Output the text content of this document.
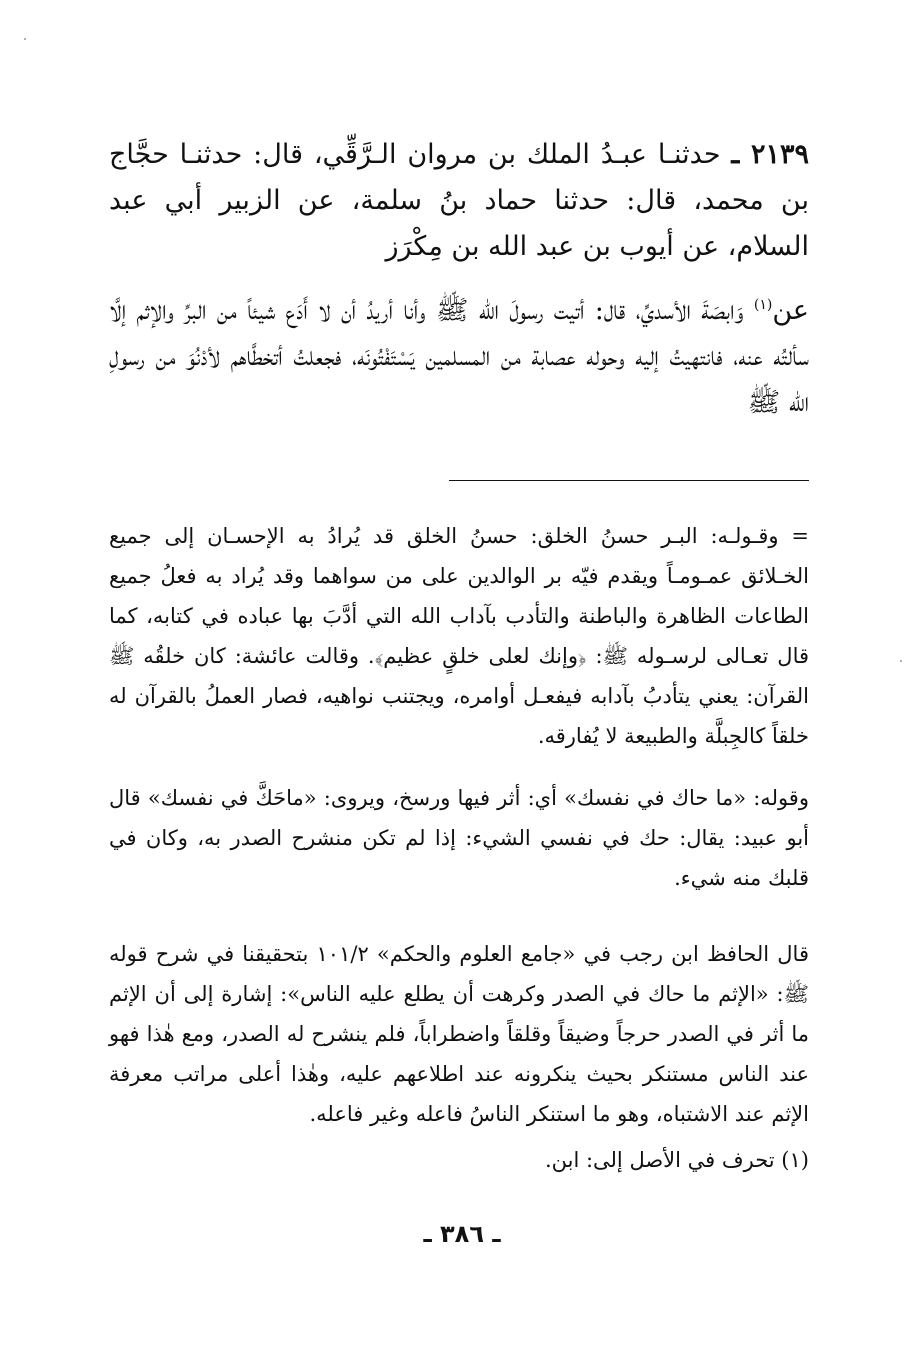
٢١٣٩ ـ حدثنـا عبـدُ الملك بن مروان الـرَّقِّي، قال: حدثنـا حجَّاج بن محمد، قال: حدثنا حماد بنُ سلمة، عن الزبير أبي عبد السلام، عن أيوب بن عبد الله بن مِكْرَز

عن$^{(١)}$ وَابصَةَ الأسديِّ، قال: أتيت رسولَ الله ﷺ وأنا أريدُ أن لا أَدَع شيئاً من البرِّ والإثم إلَّا سألتُه عنه، فانتهيتُ إليه وحوله عصابة من المسلمين يَسْتَفْتُونَه، فجعلتُ أتخطَّاهم لأدْنُوَ من رسولِ الله ﷺ

= وقـولـه: البـر حسنُ الخلق: حسنُ الخلق قد يُرادُ به الإحسـان إلى جميع الخـلائق عمـومـاً ويقدم فيّه بر الوالدين على من سواهما وقد يُراد به فعلُ جميع الطاعات الظاهرة والباطنة والتأدب بآداب الله التي أدَّبَ بها عباده في كتابه، كما قال تعـالى لرسـوله ﷺ: ﴿وإنك لعلى خلقٍ عظيم﴾. وقالت عائشة: كان خلقُه ﷺ القرآن: يعني يتأدبُ بآدابه فيفعـل أوامره، ويجتنب نواهيه، فصار العملُ بالقرآن له خلقاً كالجِبلَّة والطبيعة لا يُفارقه.

وقوله: «ما حاك في نفسك» أي: أثر فيها ورسخ، ويروى: «ماحَكَّ في نفسك» قال أبو عبيد: يقال: حك في نفسي الشيء: إذا لم تكن منشرح الصدر به، وكان في قلبك منه شيء.

قال الحافظ ابن رجب في «جامع العلوم والحكم» ١٠١/٢ بتحقيقنا في شرح قوله ﷺ: «الإثم ما حاك في الصدر وكرهت أن يطلع عليه الناس»: إشارة إلى أن الإثم ما أثر في الصدر حرجاً وضيقاً وقلقاً واضطراباً، فلم ينشرح له الصدر، ومع هٰذا فهو عند الناس مستنكر بحيث ينكرونه عند اطلاعهم عليه، وهٰذا أعلى مراتب معرفة الإثم عند الاشتباه، وهو ما استنكر الناسُ فاعله وغير فاعله.

(١) تحرف في الأصل إلى: ابن.

ـ ٣٨٦ ـ
